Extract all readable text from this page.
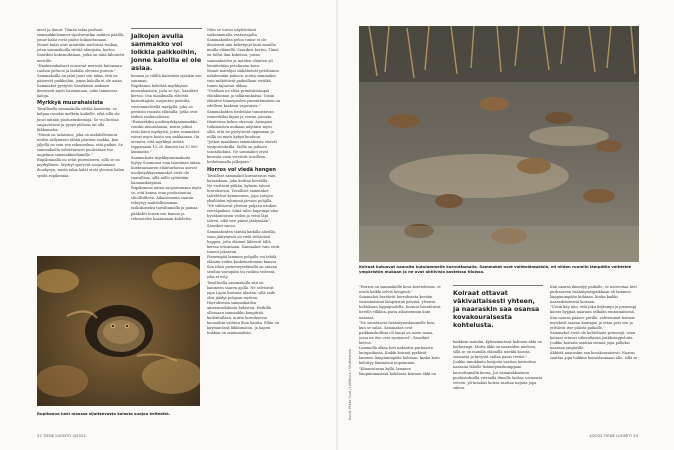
meet ja linnut. Tämän takia parhaat sammakkolammet sijaitsevatkin mäkien pääillä, jonne kalat eivät pääse luikauttamaan.

Monet kalat ovat nimittäin mieluista ruokaa, joten sammakoilla riittää ahmijoita, kertoo Saarikivi kokemuksiaan, jotka on niitä kilometri metrille.

"Haukivenkalaset nousevat merestä kutemaan ruohon peltoon ja laidalla olevaan puroon."

Sammakoilla on jalat juuri sen takia, että ne pääsevät paikkoihin, jonne kaloilla ei ole asiaa. Sammakot pystyvät Saarikiven mukaan ilmeisesti myös haistamaan, onko lammessa kaloja.

Myrkkyä muurahaisista

Tavallisella sammakolla riittää haasteita: se kelpaa ruoaksi melkein kaikelle, eikä sillä ole juuri mitään puolustuskeinoja. Se voi luottaa suojavärinsä ja pysyä piilossa tai olla liikkumatta.

"Niissä on salaisuus, joka on mahdollistanut niiden säilymisen tähän päivään saakka, kun jäljellä on vain sen rakennelma, että paikas. Se sammakoilla valitettavasti puolestaan tuo ongelmia sammakkoeläimille."

Rupikonnalla on aviat puremiseen, sillä se on myrkyllinen. Myrkyt syntyvät suojatumaan ihoakyvyn, mistä takia kalat eivät yleensä halua syödä rupikonnia.

Jalkojen avulla sammakko voi loikkia paikkoihin, jonne kaloilla ei ole asiaa.

konnaa ja välillä kuitenkin syönkin sen suunnan.

Rupikonna kehittää myrkkynsä muurahaisista, joita se syö, Saarikivi kertoo. Osa maailmalla elävistä kurnuttajista suojautuu pedoilta vastenmielisellä myrkyllä, joka on peräisin ruoasta eläimillä, jotka ovat tärkeä ruokavaliossa.

"Esimerkiksi nuolimyrkkysammakko ruoskii muurahaisia, mutta jotkut eivät kärsi myrkystä, joten sammakot voivat myös koota sen nahkaansa. On arvioitu, että myrkkyä riittää tappamaan 10–20 ihmistä tai 10 000 lammasta."

Sammakoita myrkkysammakoita löytyy Suomessa vain laiseinien takaa. Korkeaasaaren eläintarhassa asuvat nuolimyrkkysammakot eivät ole vaarallisia, sillä niille syötetään banaanikärpäsiä.

Rupikonnaa antaa suojautumaan myös se, että konna osaa puolustautua vihollisilleen. Aikaisemmin vaaran tekeytyy mahdollisimman isokokoiseksi taivaltamalla ja painaa pääkohti toisen sen kanssa ja rehvastelee kaatamaan kohdetta.

Näin se toivoo näyttävänsä vaikeammalta vastustajalta.

Sammakoiden pelon tunne ei ole ilmeisesti niin kehittynyt kuin monilla muilla eläimillä, Saarikivi kertoo. Tämä on tullut ilmi kokeissa, joissa sammakoiden ja muiden eläinten yli lennätetään petolinnun kuva.

Monet matelijat säikähtävät petolinnun nähdessään pakoon, mutta sammakot vain mökittävät paikoillaan eivätkä tunnu tajuavan uhkaa.

"Ovathan ne eliöä primitiivisimpiä eläinkunnan ja selkärankaisia. Toisin eläinten tunnepuolen ymmärtäminen on edelleen karkean vajavaista."

Sammakoiden tiedetään tunnistavan esimerkiksi kipua ja voivan joissain tilanteissa kokea stressiä. Aiempien tutkimusten mukaan näyttäisi myös siltä, että ne pystyisivät oppimaan ja niillä on myös kykyä kuuluun.

"Jotkut maailman sammakoista etsivät vesiputouksilla. Siellä on jatkuva taustakohina. Ne sammakot eivät kurnuta vaan viestivät toisilleen heiluttamalla jalkojaan."

Horros voi viedä hengen

Tavalliset sammakot kurnuttavat vain kutuaikaan, joka koittaa keväällä.

Ne viettävät pitkän, kylmän talven horroksessa. Tavalliset sammakot talvehtivat kymmenien, jopa satojen yksilöiden ryhmissä järvien pohjilla.

"Ne valitsevat yleensä paljaan nauhan viertäpaikan. Siinä tulee kapeimpi alue hyväkuntoisen veden ja vettä läpi talven, eikä vesi pääse jäätymään", Saarikivi sanoo.

Sammakoiden säntää kaikilla alueilla, vaan jäätymissä on vielä riittävästi happea, jotta eläimet lähtevät tällä kertaa toteamaan. Sammakot vain eivät tunnut jaksavan.

Pienempää lammen pohjalle voi tehdä elämän viiden koskemattoman kanssa. Sen tiheä pieneneysetäisillä on omaan seudun vastapäin tai ruokita vedessä, joka ei esty.

Tavallisella sammakolla sitä on lammeen saaren ajalla. Ne selvisivät jopa Lapin kuivana alustaa, sillä sade olisi jäädyt pohjaan myöten.

Horroksessa sammakoiden aineenvaihdunta hidastuu. Hetkillä ollessaan sammakko hengittää kudentullaan, mutta horroksessa kuonoihin vaihtuu ihon kautta. Eläin on käytännössä liikkumaton, ja hapen hukkua on minimaalista.

Rupikonna haki maassa sijaitsevasta kolosta suojaa helteeltä.
52 TIEDE LUONTO 4/2022
Koiraat kutuavat naaraita kutulammelle kurnuttamalla. Sammakot ovat vaihtolämpöisiä, eli niiden ruumiin lämpötila vaihtelee ympäristön mukaan ja ne ovat aktiivisia kosteissa tiloissa.
Kuvat: Pekka Tuuri / Lehtikuva / Shutterstock

"Horros on sammakolle kova koettelemus, ei niistä kaikki selviä hengissä."

Sammakot heräävät horroksesta kevään ensimmäisinä lämpöisinä päivinä, yleensä huhtikuun loppupuolella. Koiraat havahtuvat herelle vilkkoa–paria aikaisemmin kuin naaraat.

"Ne suuntaavat lisääntymislammelle kusi, kun se sulaa. Sammakot ovat paikkauskollisia eli lampi on usein sama, jossa ne itse ovat syntyneet", Saarikivi kertoo.

Lammella alkaa heti naksutus parhaasta kutupaikasta. Kaikki koiraat pyrkivät lammen lämpimimpään kohtaan, koska kutu kehittyy lämmössä nopeimmin.

"Kiinnostavaa kyllä, lammen lämpimimmässä kohdassa koiraan äkki on

Koiraat ottavat väkivaltaisesti yhteen, ja naaraskin saa osansa kovakouraisesta kohtelusta.

kaikkein matalin. Kylmemmässä kohtaan äkki on korkeampi. Mutta äkki on naaraiden mieleen, sillä se on monilla eläimillä merkki koosta, voimasta ja kyvystä valtaa paras reviiri."

Joukko innokkaita kosijoita saattaa kurnuttaa naaraita lähelle lisääntymiskumppani kurnuttamalla kovaa. Jos sammakkoemon puolustuksella vieraalla ilmoille laittaa sormensa veteen, yli-innokas koiras saattaa napata jopa siihen.

Kun naaras ilmestyy paikalle, se nuorentaa heti parhaaseen lisääntymispaikkaan eli lammen lämpimimpään kohtaan, koska kaikki naaraskänteistä koiraan.

"Usein käy niin, että joka liejkompi ja pienempi koiras hyppää naaraan selkään ensimmäisenä. Kun naaras pääsee perille, vahvemmat koiraat mytskeät saavan kuntajan ja ottaa pois sen ja yrittävät itse päästä paikalle."

Sammakot eivät ole kohteliaita prinssejä, vaan koiraat ottavat väkivaltaisia joukkotappeluita. Joukko koiraita saattaa mennä jopa palloksi naaraan ympärille.

Äkkistä naaraskin saa kovakouraisesti. Naaras saattaa jopa hukkua koiraslaumaan alle, sillä se

4/2022 TIEDE LUONTO 53
